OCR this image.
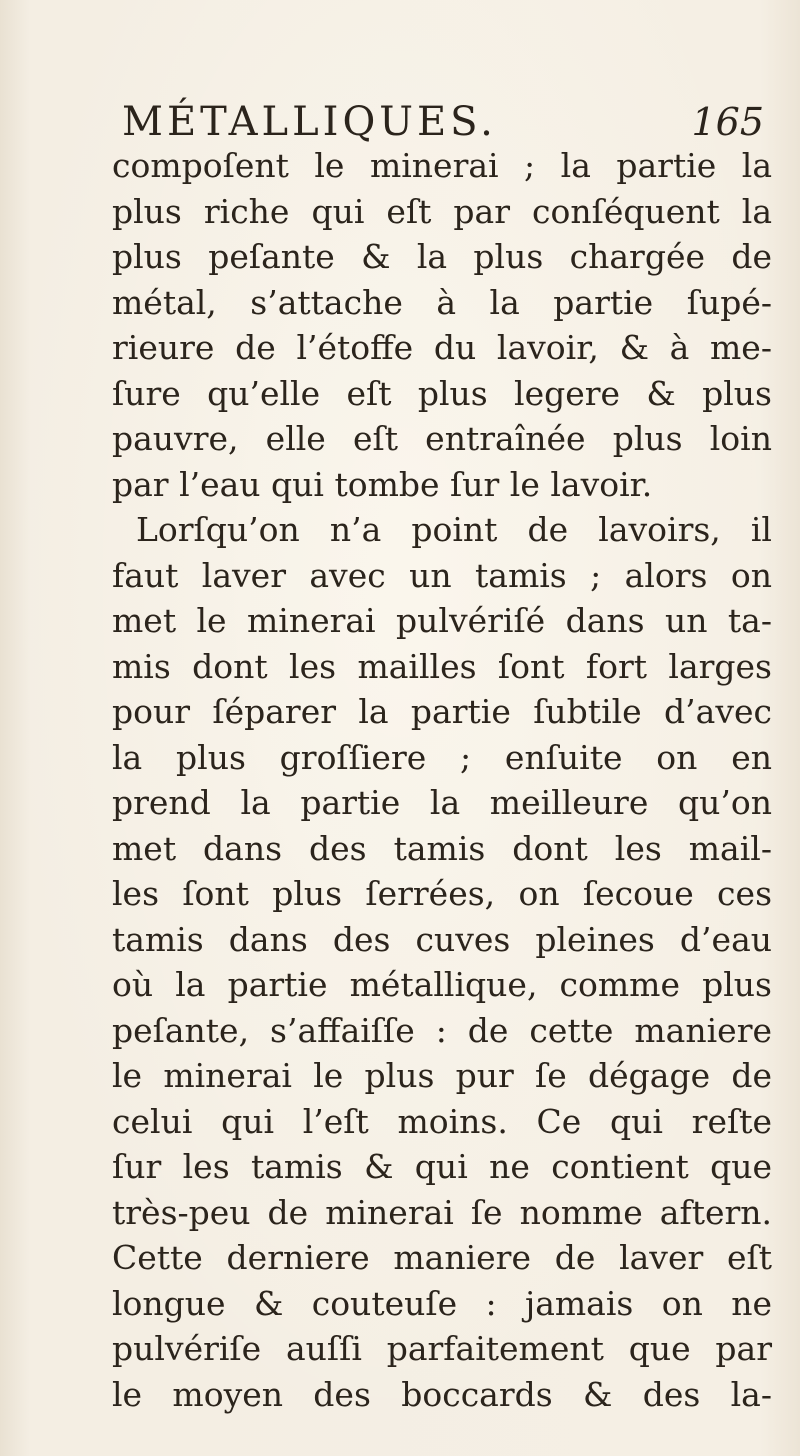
MÉTALLIQUES.	165
compoſent le minerai ; la partie la
plus riche qui eſt par conſéquent la
plus peſante & la plus chargée de
métal, s’attache à la partie ſupé-
rieure de l’étoffe du lavoir, & à me-
ſure qu’elle eſt plus legere & plus
pauvre, elle eſt entraînée plus loin
par l’eau qui tombe ſur le lavoir.
Lorſqu’on n’a point de lavoirs, il
faut laver avec un tamis ; alors on
met le minerai pulvériſé dans un ta-
mis dont les mailles ſont fort larges
pour ſéparer la partie ſubtile d’avec
la plus groſſiere ; enſuite on en
prend la partie la meilleure qu’on
met dans des tamis dont les mail-
les ſont plus ſerrées, on ſecoue ces
tamis dans des cuves pleines d’eau
où la partie métallique, comme plus
peſante, s’affaiſſe : de cette maniere
le minerai le plus pur ſe dégage de
celui qui l’eſt moins. Ce qui reſte
ſur les tamis & qui ne contient que
très-peu de minerai ſe nomme aftern.
Cette derniere maniere de laver eſt
longue & couteuſe : jamais on ne
pulvériſe auſſi parfaitement que par
le moyen des boccards & des la-
